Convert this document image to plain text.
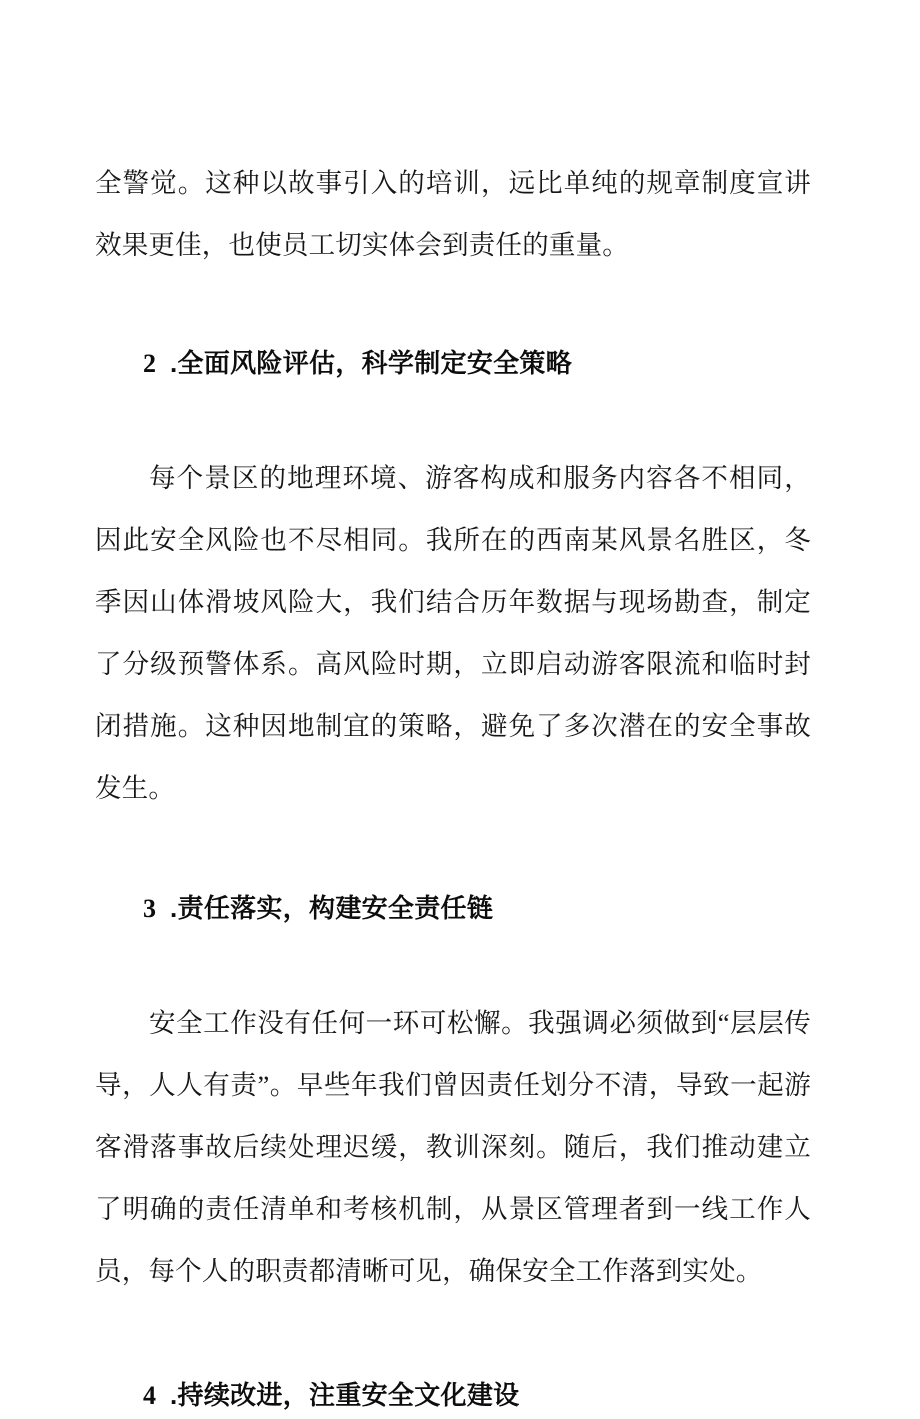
全警觉。这种以故事引入的培训，远比单纯的规章制度宣讲效果更佳，也使员工切实体会到责任的重量。

2 .全面风险评估，科学制定安全策略

每个景区的地理环境、游客构成和服务内容各不相同，因此安全风险也不尽相同。我所在的西南某风景名胜区，冬季因山体滑坡风险大，我们结合历年数据与现场勘查，制定了分级预警体系。高风险时期，立即启动游客限流和临时封闭措施。这种因地制宜的策略，避免了多次潜在的安全事故发生。

3 .责任落实，构建安全责任链

安全工作没有任何一环可松懈。我强调必须做到“层层传导，人人有责”。早些年我们曾因责任划分不清，导致一起游客滑落事故后续处理迟缓，教训深刻。随后，我们推动建立了明确的责任清单和考核机制，从景区管理者到一线工作人员，每个人的职责都清晰可见，确保安全工作落到实处。

4 .持续改进，注重安全文化建设
